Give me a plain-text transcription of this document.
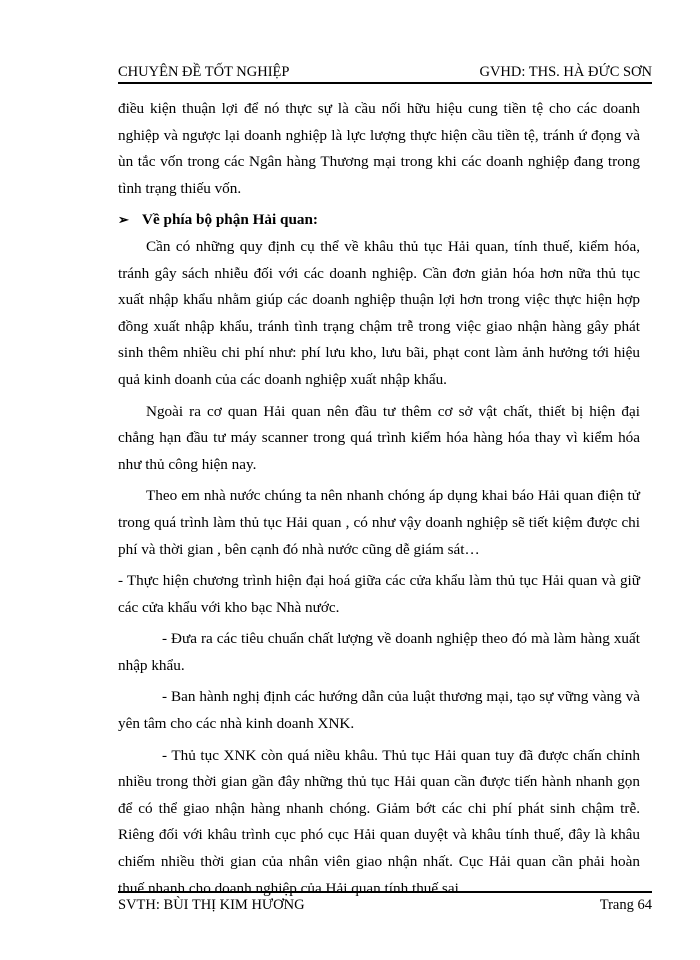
CHUYÊN ĐỀ TỐT NGHIỆP	GVHD: THS. HÀ ĐỨC SƠN

điều kiện thuận lợi để nó thực sự là cầu nối hữu hiệu cung tiền tệ cho các doanh nghiệp và ngược lại doanh nghiệp là lực lượng thực hiện cầu tiền tệ, tránh ứ đọng và ùn tắc vốn trong các Ngân hàng Thương mại trong khi các doanh nghiệp đang trong tình trạng thiếu vốn.

➢ Về phía bộ phận Hải quan:

Cần có những quy định cụ thể về khâu thủ tục Hải quan, tính thuế, kiểm hóa, tránh gây sách nhiễu đối với các doanh nghiệp. Cần đơn giản hóa hơn nữa thủ tục xuất nhập khẩu nhằm giúp các doanh nghiệp thuận lợi hơn trong việc thực hiện hợp đồng xuất nhập khẩu, tránh tình trạng chậm trễ trong việc giao nhận hàng gây phát sinh thêm nhiều chi phí như: phí lưu kho, lưu bãi, phạt cont làm ảnh hưởng tới hiệu quả kinh doanh của các doanh nghiệp xuất nhập khẩu.

Ngoài ra cơ quan Hải quan nên đầu tư thêm cơ sở vật chất, thiết bị hiện đại chẳng hạn đầu tư máy scanner trong quá trình kiểm hóa hàng hóa thay vì kiểm hóa như thủ công hiện nay.

Theo em nhà nước chúng ta nên nhanh chóng áp dụng khai báo Hải quan điện tử trong quá trình làm thủ tục Hải quan , có như vậy doanh nghiệp sẽ tiết kiệm được chi phí và thời gian , bên cạnh đó nhà nước cũng dễ giám sát…

- Thực hiện chương trình hiện đại hoá giữa các cửa khẩu làm thủ tục Hải quan và giữ các cửa khẩu với kho bạc Nhà nước.

- Đưa ra các tiêu chuẩn chất lượng về doanh nghiệp theo đó mà làm hàng xuất nhập khẩu.

- Ban hành nghị định các hướng dẫn của luật thương mại, tạo sự vững vàng và yên tâm cho các nhà kinh doanh XNK.

- Thủ tục XNK còn quá niều khâu. Thủ tục Hải quan tuy đã được chấn chỉnh nhiều trong thời gian gần đây những thủ tục Hải quan cần được tiến hành nhanh gọn để có thể giao nhận hàng nhanh chóng. Giảm bớt các chi phí phát sinh chậm trễ. Riêng đối với khâu trình cục phó cục Hải quan duyệt và khâu tính thuế, đây là khâu chiếm nhiều thời gian của nhân viên giao nhận nhất. Cục Hải quan cần phải hoàn thuế nhanh cho doanh nghiệp của Hải quan tính thuế sai

SVTH: BÙI THỊ KIM HƯƠNG	Trang 64
